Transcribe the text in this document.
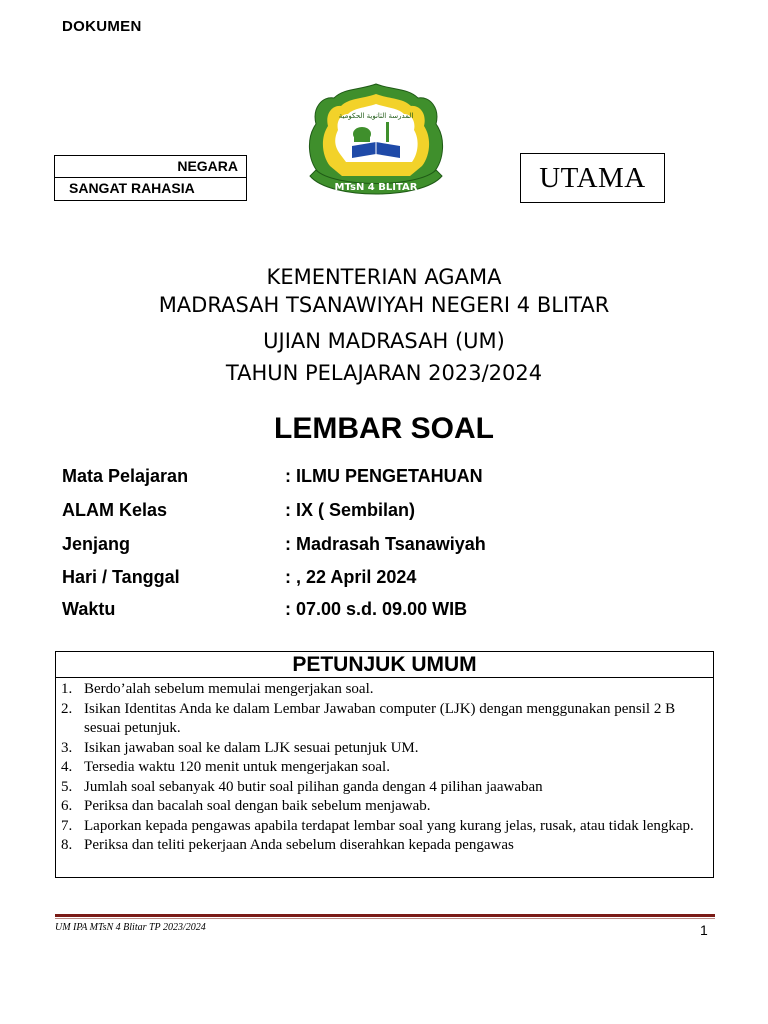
DOKUMEN
NEGARA
SANGAT RAHASIA
المدرسة الثانوية الحكومية
MTsN 4 BLITAR	UTAMA
KEMENTERIAN AGAMA
MADRASAH TSANAWIYAH NEGERI 4 BLITAR
UJIAN MADRASAH (UM)
TAHUN PELAJARAN 2023/2024
LEMBAR SOAL
Mata Pelajaran	: ILMU PENGETAHUAN
ALAM Kelas	: IX ( Sembilan)
Jenjang	: Madrasah Tsanawiyah
Hari / Tanggal	: , 22 April 2024
Waktu	: 07.00 s.d. 09.00 WIB
PETUNJUK UMUM
1. Berdo’alah sebelum memulai mengerjakan soal.
2. Isikan Identitas Anda ke dalam Lembar Jawaban computer (LJK) dengan menggunakan pensil 2 B sesuai petunjuk.
3. Isikan jawaban soal ke dalam LJK sesuai petunjuk UM.
4. Tersedia waktu 120 menit untuk mengerjakan soal.
5. Jumlah soal sebanyak 40 butir soal pilihan ganda dengan 4 pilihan jaawaban
6. Periksa dan bacalah soal dengan baik sebelum menjawab.
7. Laporkan kepada pengawas apabila terdapat lembar soal yang kurang jelas, rusak, atau tidak lengkap.
8. Periksa dan teliti pekerjaan Anda sebelum diserahkan kepada pengawas
UM IPA MTsN 4 Blitar TP 2023/2024	1
